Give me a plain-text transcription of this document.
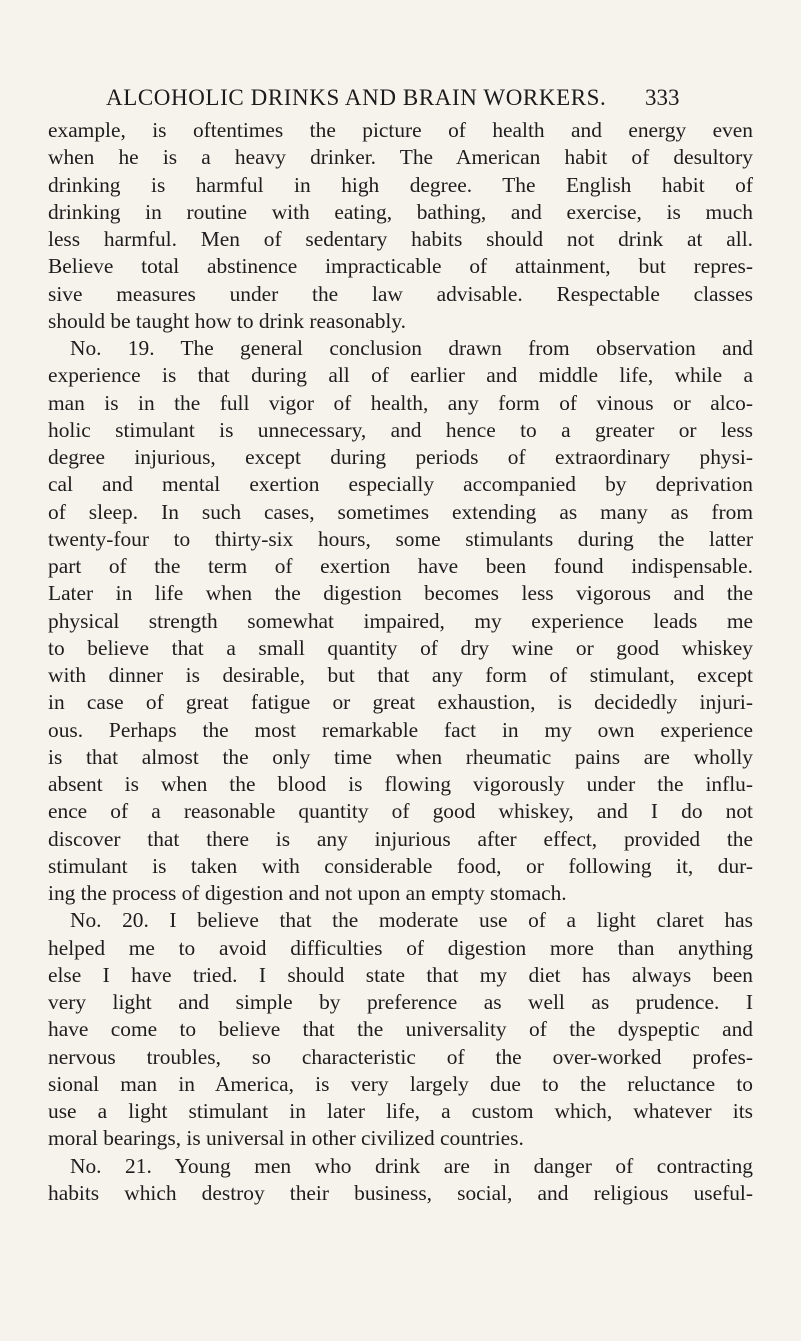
ALCOHOLIC DRINKS AND BRAIN WORKERS. 333
example, is oftentimes the picture of health and energy even
when he is a heavy drinker. The American habit of desultory
drinking is harmful in high degree. The English habit of
drinking in routine with eating, bathing, and exercise, is much
less harmful. Men of sedentary habits should not drink at all.
Believe total abstinence impracticable of attainment, but repres-
sive measures under the law advisable. Respectable classes
should be taught how to drink reasonably.
No. 19. The general conclusion drawn from observation and
experience is that during all of earlier and middle life, while a
man is in the full vigor of health, any form of vinous or alco-
holic stimulant is unnecessary, and hence to a greater or less
degree injurious, except during periods of extraordinary physi-
cal and mental exertion especially accompanied by deprivation
of sleep. In such cases, sometimes extending as many as from
twenty-four to thirty-six hours, some stimulants during the latter
part of the term of exertion have been found indispensable.
Later in life when the digestion becomes less vigorous and the
physical strength somewhat impaired, my experience leads me
to believe that a small quantity of dry wine or good whiskey
with dinner is desirable, but that any form of stimulant, except
in case of great fatigue or great exhaustion, is decidedly injuri-
ous. Perhaps the most remarkable fact in my own experience
is that almost the only time when rheumatic pains are wholly
absent is when the blood is flowing vigorously under the influ-
ence of a reasonable quantity of good whiskey, and I do not
discover that there is any injurious after effect, provided the
stimulant is taken with considerable food, or following it, dur-
ing the process of digestion and not upon an empty stomach.
No. 20. I believe that the moderate use of a light claret has
helped me to avoid difficulties of digestion more than anything
else I have tried. I should state that my diet has always been
very light and simple by preference as well as prudence. I
have come to believe that the universality of the dyspeptic and
nervous troubles, so characteristic of the over-worked profes-
sional man in America, is very largely due to the reluctance to
use a light stimulant in later life, a custom which, whatever its
moral bearings, is universal in other civilized countries.
No. 21. Young men who drink are in danger of contracting
habits which destroy their business, social, and religious useful-
